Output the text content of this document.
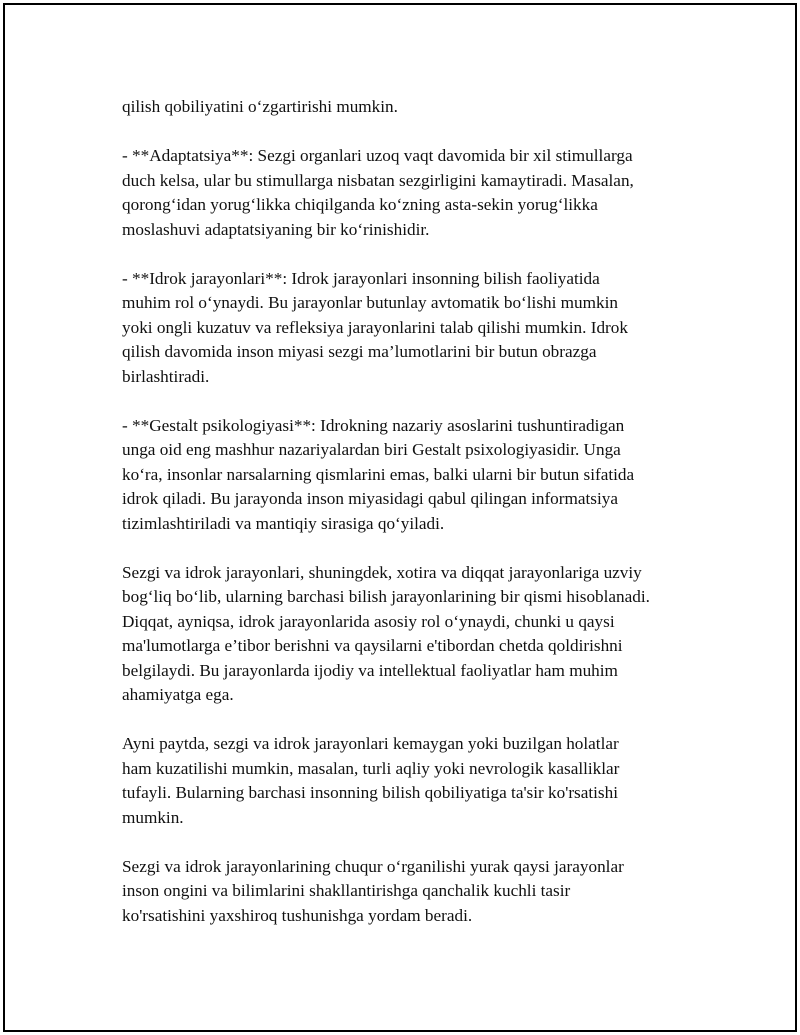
qilish qobiliyatini o‘zgartirishi mumkin.

- **Adaptatsiya**: Sezgi organlari uzoq vaqt davomida bir xil stimullarga
duch kelsa, ular bu stimullarga nisbatan sezgirligini kamaytiradi. Masalan,
qorong‘idan yorug‘likka chiqilganda ko‘zning asta-sekin yorug‘likka
moslashuvi adaptatsiyaning bir ko‘rinishidir.

- **Idrok jarayonlari**: Idrok jarayonlari insonning bilish faoliyatida
muhim rol o‘ynaydi. Bu jarayonlar butunlay avtomatik bo‘lishi mumkin
yoki ongli kuzatuv va refleksiya jarayonlarini talab qilishi mumkin. Idrok
qilish davomida inson miyasi sezgi ma’lumotlarini bir butun obrazga
birlashtiradi.

- **Gestalt psikologiyasi**: Idrokning nazariy asoslarini tushuntiradigan
unga oid eng mashhur nazariyalardan biri Gestalt psixologiyasidir. Unga
ko‘ra, insonlar narsalarning qismlarini emas, balki ularni bir butun sifatida
idrok qiladi. Bu jarayonda inson miyasidagi qabul qilingan informatsiya
tizimlashtiriladi va mantiqiy sirasiga qo‘yiladi.

Sezgi va idrok jarayonlari, shuningdek, xotira va diqqat jarayonlariga uzviy
bog‘liq bo‘lib, ularning barchasi bilish jarayonlarining bir qismi hisoblanadi.
Diqqat, ayniqsa, idrok jarayonlarida asosiy rol o‘ynaydi, chunki u qaysi
ma'lumotlarga e’tibor berishni va qaysilarni e'tibordan chetda qoldirishni
belgilaydi. Bu jarayonlarda ijodiy va intellektual faoliyatlar ham muhim
ahamiyatga ega.

Ayni paytda, sezgi va idrok jarayonlari kemaygan yoki buzilgan holatlar
ham kuzatilishi mumkin, masalan, turli aqliy yoki nevrologik kasalliklar
tufayli. Bularning barchasi insonning bilish qobiliyatiga ta'sir ko'rsatishi
mumkin.

Sezgi va idrok jarayonlarining chuqur o‘rganilishi yurak qaysi jarayonlar
inson ongini va bilimlarini shakllantirishga qanchalik kuchli tasir
ko'rsatishini yaxshiroq tushunishga yordam beradi.
